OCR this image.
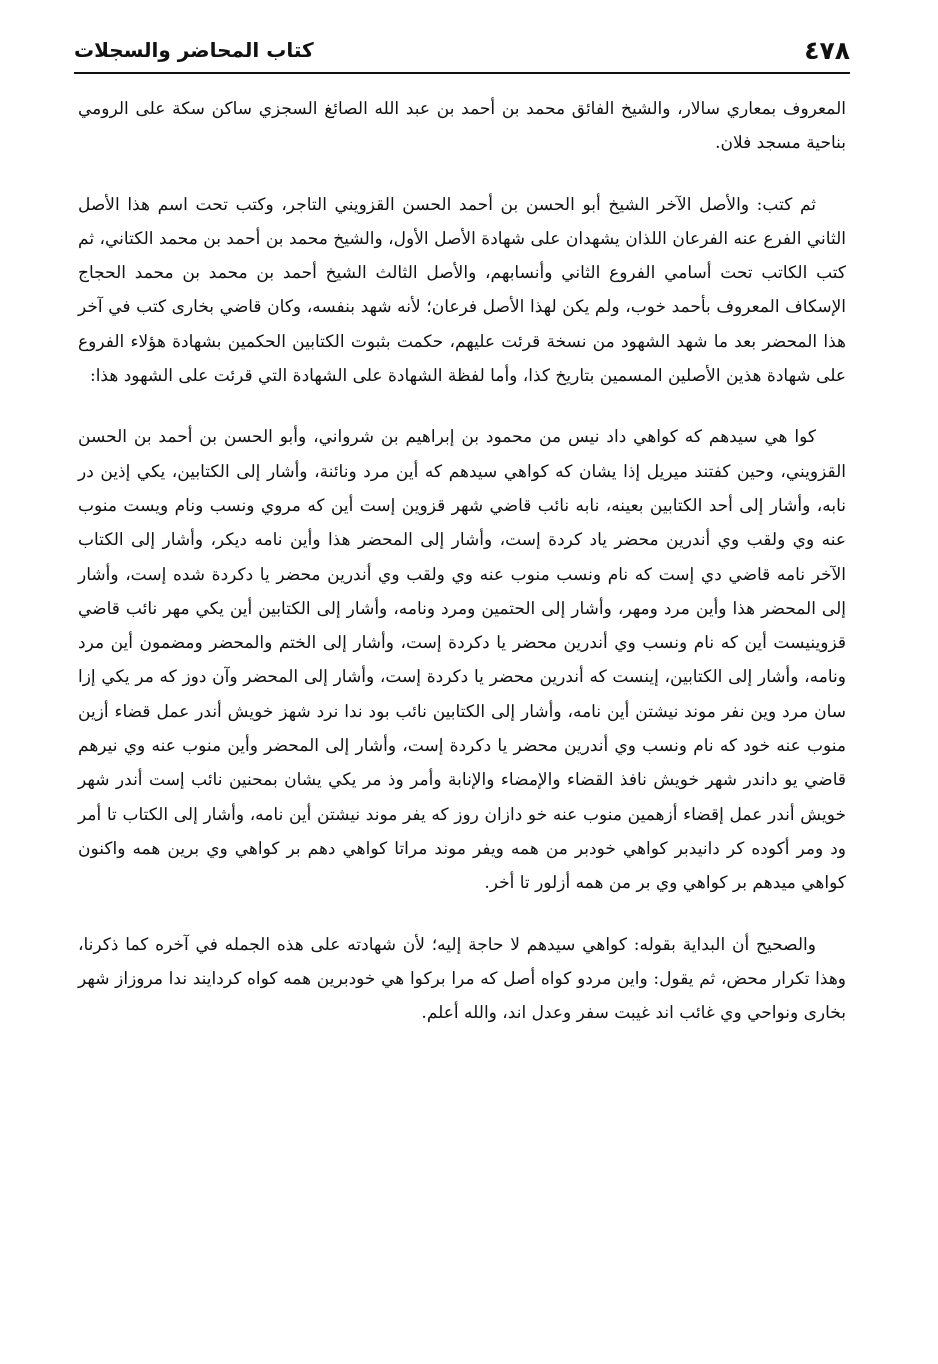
٤٧٨
كتاب المحاضر والسجلات

المعروف بمعاري سالار، والشيخ الفائق محمد بن أحمد بن عبد الله الصائغ السجزي ساكن سكة على الرومي بناحية مسجد فلان.

ثم كتب: والأصل الآخر الشيخ أبو الحسن بن أحمد الحسن القزويني التاجر، وكتب تحت اسم هذا الأصل الثاني الفرع عنه الفرعان اللذان يشهدان على شهادة الأصل الأول، والشيخ محمد بن أحمد بن محمد الكتاني، ثم كتب الكاتب تحت أسامي الفروع الثاني وأنسابهم، والأصل الثالث الشيخ أحمد بن محمد بن محمد الحجاج الإسكاف المعروف بأحمد خوب، ولم يكن لهذا الأصل فرعان؛ لأنه شهد بنفسه، وكان قاضي بخارى كتب في آخر هذا المحضر بعد ما شهد الشهود من نسخة قرئت عليهم، حكمت بثبوت الكتابين الحكمين بشهادة هؤلاء الفروع على شهادة هذين الأصلين المسمين بتاريخ كذا، وأما لفظة الشهادة على الشهادة التي قرئت على الشهود هذا:

كوا هي سيدهم كه كواهي داد نيس من محمود بن إبراهيم بن شرواني، وأبو الحسن بن أحمد بن الحسن القزويني، وحين كفتند ميريل إذا يشان كه كواهي سيدهم كه أين مرد ونائنة، وأشار إلى الكتابين، يكي إذين در نابه، وأشار إلى أحد الكتابين بعينه، نابه نائب قاضي شهر قزوين إست أين كه مروي ونسب ونام ويست منوب عنه وي ولقب وي أندرين محضر ياد كردة إست، وأشار إلى المحضر هذا وأين نامه ديكر، وأشار إلى الكتاب الآخر نامه قاضي دي إست كه نام ونسب منوب عنه وي ولقب وي أندرين محضر يا دكردة شده إست، وأشار إلى المحضر هذا وأين مرد ومهر، وأشار إلى الحتمين ومرد ونامه، وأشار إلى الكتابين أين يكي مهر نائب قاضي قزوينيست أين كه نام ونسب وي أندرين محضر يا دكردة إست، وأشار إلى الختم والمحضر ومضمون أين مرد ونامه، وأشار إلى الكتابين، إينست كه أندرين محضر يا دكردة إست، وأشار إلى المحضر وآن دوز كه مر يكي إزا سان مرد وين نفر موند نيشتن أين نامه، وأشار إلى الكتابين نائب بود ندا نرد شهز خويش أندر عمل قضاء أزين منوب عنه خود كه نام ونسب وي أندرين محضر يا دكردة إست، وأشار إلى المحضر وأين منوب عنه وي نيرهم قاضي يو داندر شهر خويش نافذ القضاء والإمضاء والإنابة وأمر وذ مر يكي يشان بمحنين نائب إست أندر شهر خويش أندر عمل إقضاء أزهمين منوب عنه خو دازان روز كه يفر موند نيشتن أين نامه، وأشار إلى الكتاب تا أمر ود ومر أكوده كر دانيدبر كواهي خودبر من همه ويفر موند مراتا كواهي دهم بر كواهي وي برين همه واكنون كواهي ميدهم بر كواهي وي بر من همه أزلور تا أخر.

والصحيح أن البداية بقوله: كواهي سيدهم لا حاجة إليه؛ لأن شهادته على هذه الجمله في آخره كما ذكرنا، وهذا تكرار محض، ثم يقول: واين مردو كواه أصل كه مرا بركوا هي خودبرين همه كواه كردايند ندا مروزاز شهر بخارى ونواحي وي غائب اند غيبت سفر وعدل اند، والله أعلم.
